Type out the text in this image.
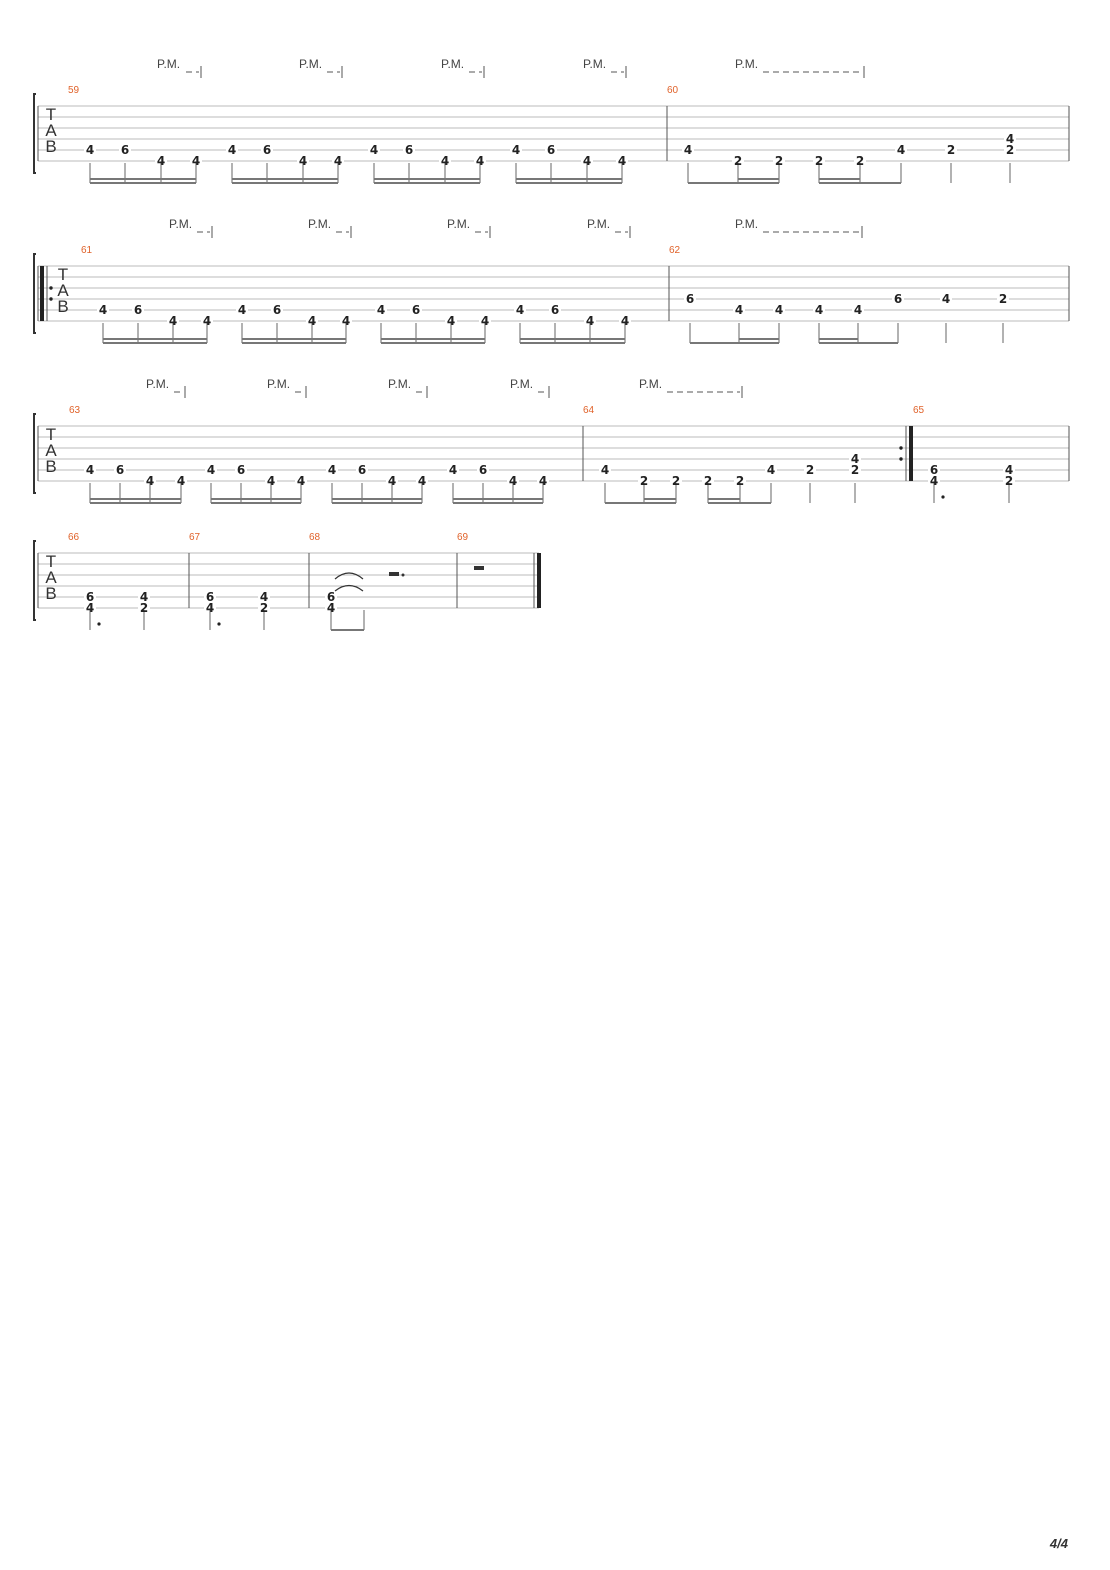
T
A
B
P.M.	P.M.	P.M.	P.M.	P.M.
59
4 6
4 4
4 6
4 4
4 6
4 4
4 6
4 4
60
4
2	2	2	2
4	2
4
2
T
A
B
P.M.	P.M.	P.M.	P.M.	P.M.
61
4 6
4 4
4 6
4 4
4 6
4 4
4 6
4 4
62
6
4	4	4	4
6	4	2
T
A
B
P.M.	P.M.	P.M.	P.M.	P.M.
63
4 6
4 4
4 6
4 4
4 6
4 4
4 6
4 4
64
4
2 2 2 2
4	2
4
2
65
6
4
4
2
T
A
B
66
6
4
4
2
67
6
4
4
2
68
6
4
69
4/4
